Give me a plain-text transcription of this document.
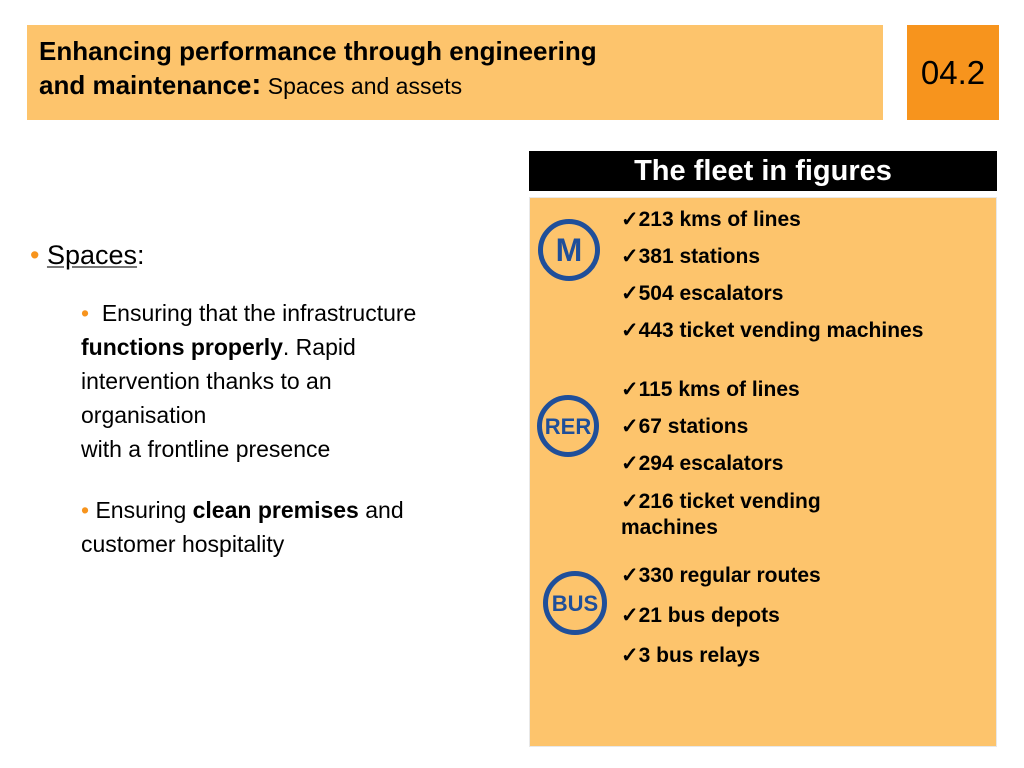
Enhancing performance through engineering
and maintenance: Spaces and assets	04.2
• Spaces:
• Ensuring that the infrastructure
functions properly. Rapid
intervention thanks to an
organisation
with a frontline presence
• Ensuring clean premises and
customer hospitality
The fleet in figures
M
✓213 kms of lines
✓381 stations
✓504 escalators
✓443 ticket vending machines
RER
✓115 kms of lines
✓67 stations
✓294 escalators
✓216 ticket vending
machines
BUS
✓330 regular routes
✓21 bus depots
✓3 bus relays
